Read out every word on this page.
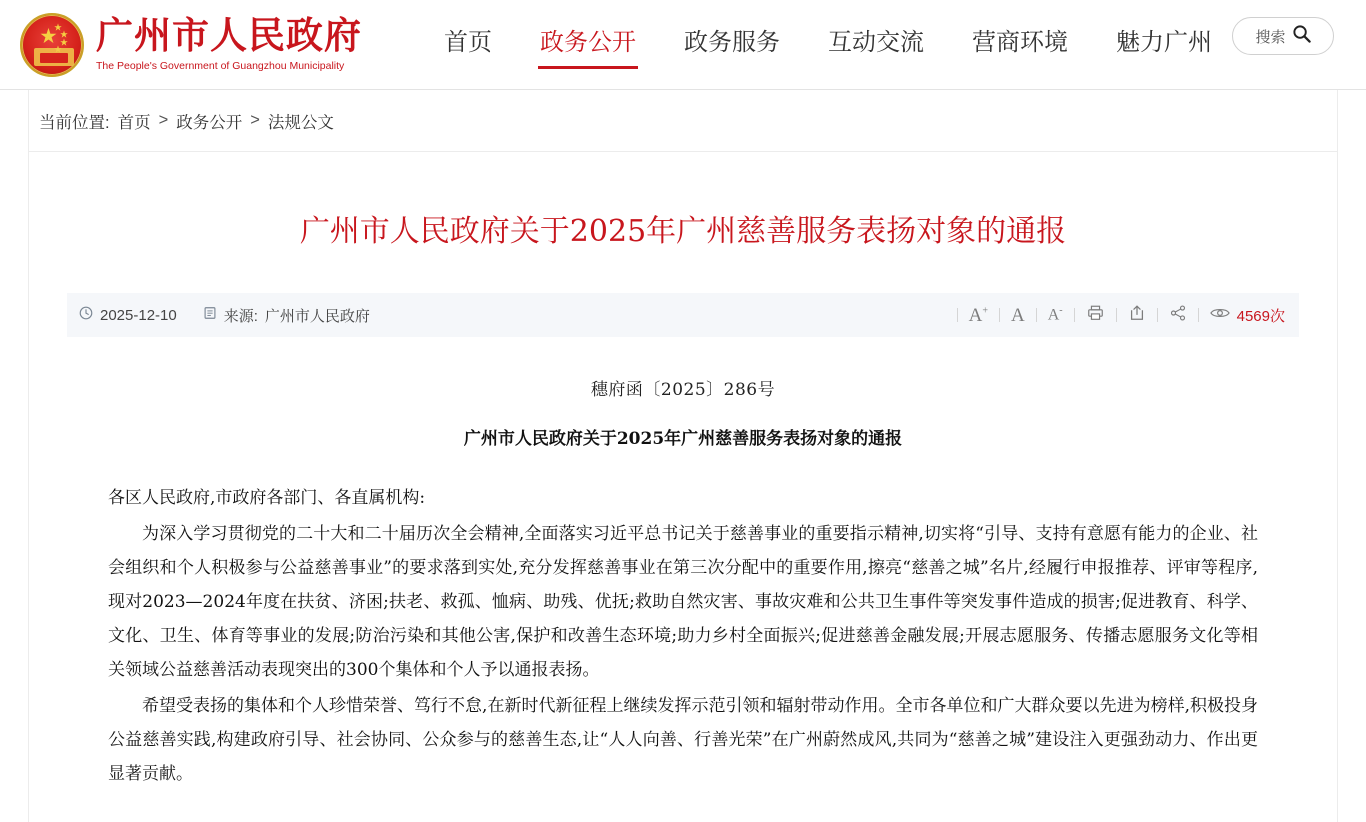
★
★
★
★ 广州市人民政府
The People's Government of Guangzhou Municipality
首页 政务公开 政务服务 互动交流 营商环境 魅力广州	搜索
当前位置: 首页 > 政务公开 > 法规公文
广州市人民政府关于2025年广州慈善服务表扬对象的通报
2025-12-10	来源: 广州市人民政府	A+ A A-	4569次
穗府函〔2025〕286号
广州市人民政府关于2025年广州慈善服务表扬对象的通报

各区人民政府,市政府各部门、各直属机构:

为深入学习贯彻党的二十大和二十届历次全会精神,全面落实习近平总书记关于慈善事业的重要指示精神,切实将“引导、支持有意愿有能力的企业、社会组织和个人积极参与公益慈善事业”的要求落到实处,充分发挥慈善事业在第三次分配中的重要作用,擦亮“慈善之城”名片,经履行申报推荐、评审等程序,现对2023—2024年度在扶贫、济困;扶老、救孤、恤病、助残、优抚;救助自然灾害、事故灾难和公共卫生事件等突发事件造成的损害;促进教育、科学、文化、卫生、体育等事业的发展;防治污染和其他公害,保护和改善生态环境;助力乡村全面振兴;促进慈善金融发展;开展志愿服务、传播志愿服务文化等相关领域公益慈善活动表现突出的300个集体和个人予以通报表扬。

希望受表扬的集体和个人珍惜荣誉、笃行不怠,在新时代新征程上继续发挥示范引领和辐射带动作用。全市各单位和广大群众要以先进为榜样,积极投身公益慈善实践,构建政府引导、社会协同、公众参与的慈善生态,让“人人向善、行善光荣”在广州蔚然成风,共同为“慈善之城”建设注入更强劲动力、作出更显著贡献。
